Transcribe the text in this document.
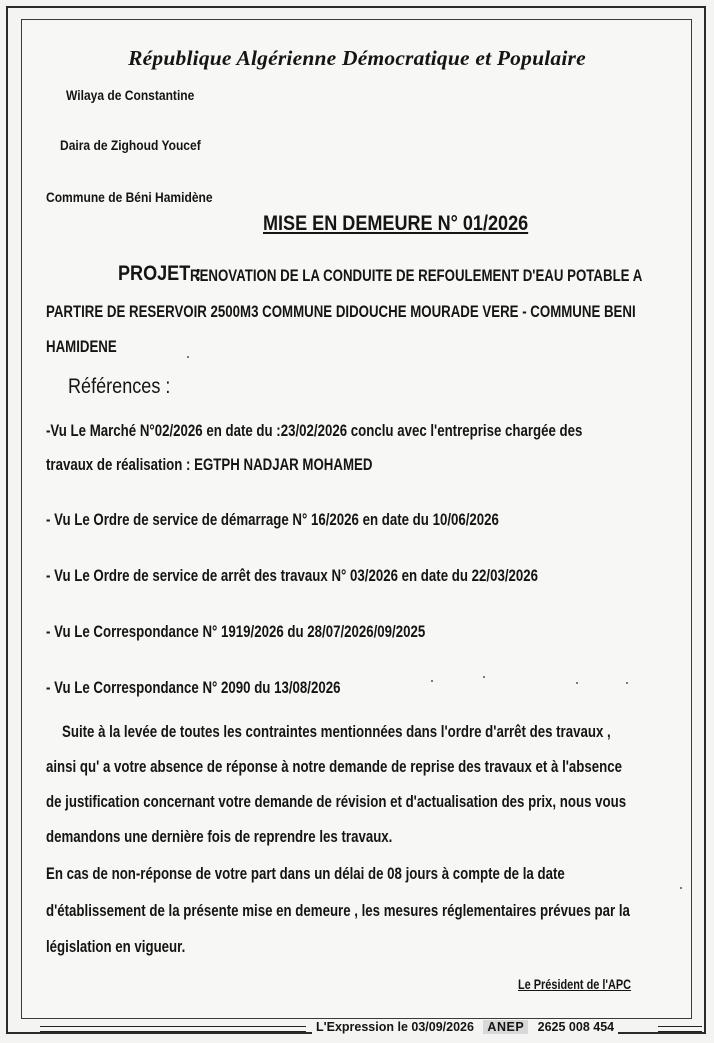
République Algérienne Démocratique et Populaire
Wilaya de Constantine
Daira de Zighoud Youcef
Commune de Béni Hamidène
MISE EN DEMEURE N° 01/2026
PROJET :
RENOVATION DE LA CONDUITE DE REFOULEMENT D'EAU POTABLE A
PARTIRE DE RESERVOIR 2500M3 COMMUNE DIDOUCHE MOURADE VERE - COMMUNE BENI
HAMIDENE
Références :
-Vu Le Marché N°02/2026 en date du :23/02/2026 conclu avec l'entreprise chargée des
travaux de réalisation : EGTPH NADJAR MOHAMED
- Vu Le Ordre de service de démarrage N° 16/2026 en date du 10/06/2026
- Vu Le Ordre de service de arrêt des travaux N° 03/2026 en date du 22/03/2026
- Vu Le Correspondance N° 1919/2026 du 28/07/2026/09/2025
- Vu Le Correspondance N° 2090 du 13/08/2026
Suite à la levée de toutes les contraintes mentionnées dans l'ordre d'arrêt des travaux ,
ainsi qu' a votre absence de réponse à notre demande de reprise des travaux et à l'absence
de justification concernant votre demande de révision et d'actualisation des prix, nous vous
demandons une dernière fois de reprendre les travaux.
En cas de non-réponse de votre part dans un délai de 08 jours à compte de la date
d'établissement de la présente mise en demeure , les mesures réglementaires prévues par la
législation en vigueur.
Le Président de l'APC
L'Expression le 03/09/2026 ANEP 2625 008 454
